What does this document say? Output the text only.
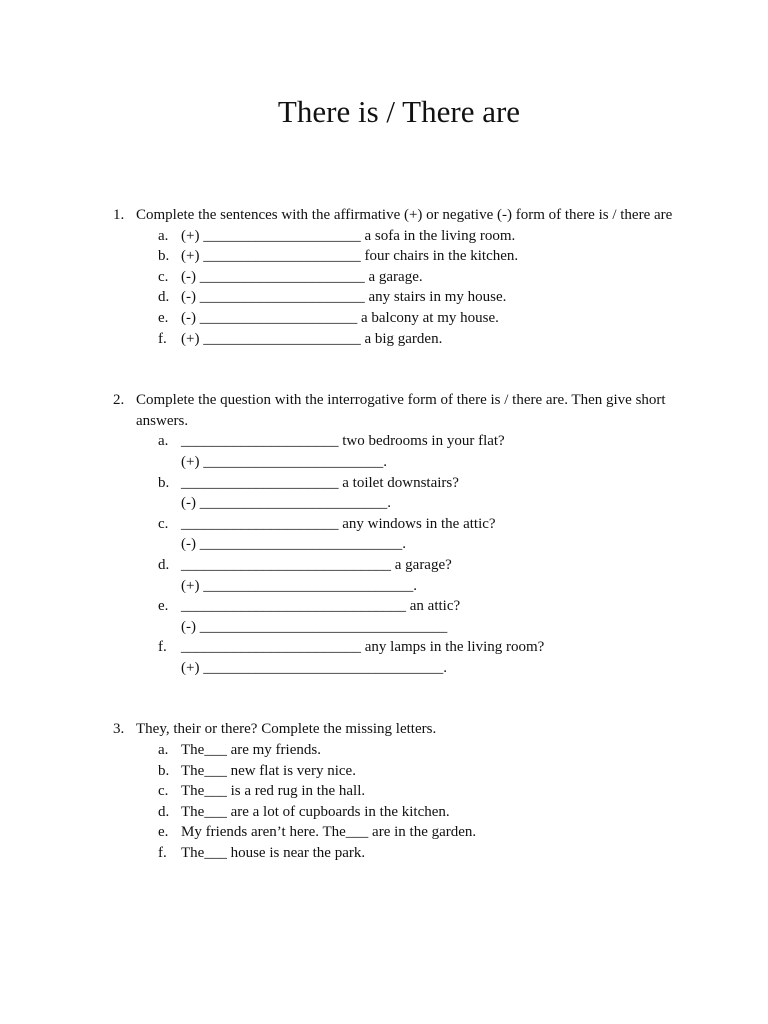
There is / There are
1. Complete the sentences with the affirmative (+) or negative (-) form of there is / there are
a. (+) _____________________ a sofa in the living room.
b. (+) _____________________ four chairs in the kitchen.
c. (-) ______________________ a garage.
d. (-) ______________________ any stairs in my house.
e. (-) _____________________ a balcony at my house.
f. (+) _____________________ a big garden.
2. Complete the question with the interrogative form of there is / there are. Then give short answers.
a. _____________________ two bedrooms in your flat?
(+) ________________________.
b. _____________________ a toilet downstairs?
(-) _________________________.
c. _____________________ any windows in the attic?
(-) ___________________________.
d. ____________________________ a garage?
(+) ____________________________.
e. ______________________________ an attic?
(-) _________________________________
f. ________________________ any lamps in the living room?
(+) ________________________________.
3. They, their or there? Complete the missing letters.
a. The___ are my friends.
b. The___ new flat is very nice.
c. The___ is a red rug in the hall.
d. The___ are a lot of cupboards in the kitchen.
e. My friends aren’t here. The___ are in the garden.
f. The___ house is near the park.
